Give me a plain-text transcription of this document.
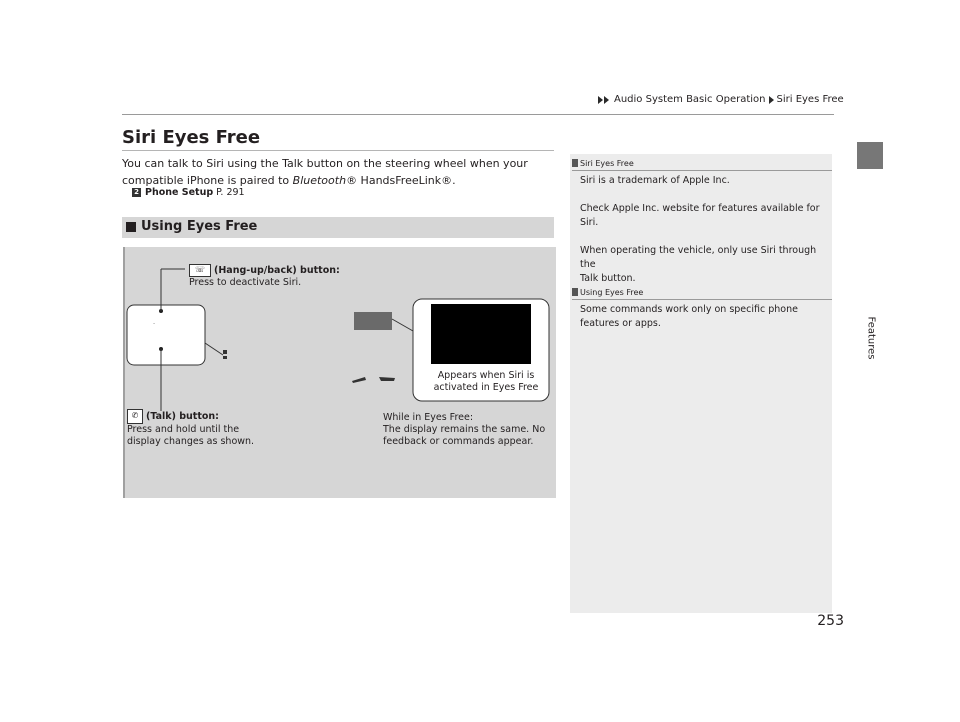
Audio System Basic Operation Siri Eyes Free
Features
253
Siri Eyes Free
You can talk to Siri using the Talk button on the steering wheel when your
compatible iPhone is paired to Bluetooth® HandsFreeLink®.
2 Phone Setup P. 291
Using Eyes Free
-
☏ (Hang-up/back) button:
Press to deactivate Siri.
✆ (Talk) button:
Press and hold until the
display changes as shown.
Appears when Siri is
activated in Eyes Free
While in Eyes Free:
The display remains the same. No
feedback or commands appear.
Siri Eyes Free
Siri is a trademark of Apple Inc.

Check Apple Inc. website for features available for
Siri.

When operating the vehicle, only use Siri through the
Talk button.
Using Eyes Free
Some commands work only on specific phone
features or apps.
